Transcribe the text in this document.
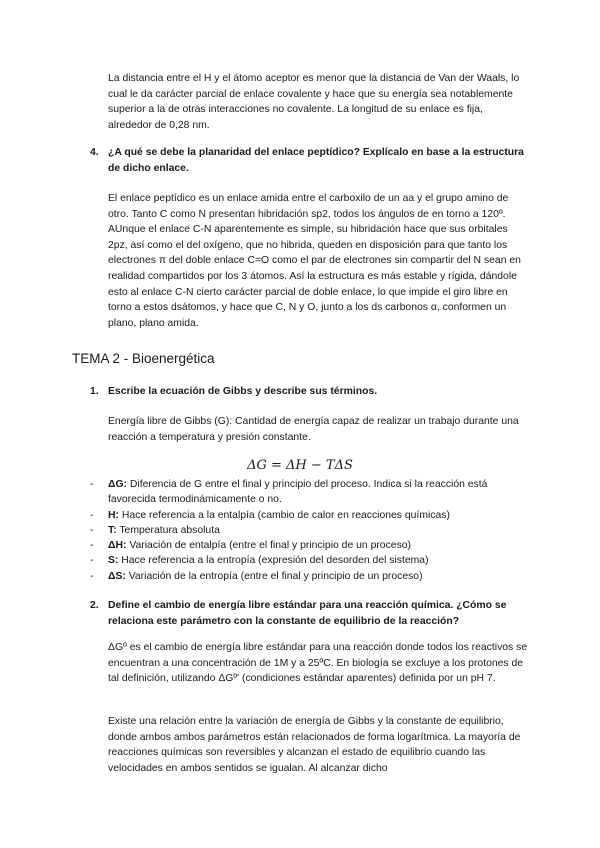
La distancia entre el H y el átomo aceptor es menor que la distancia de Van der Waals, lo cual le da carácter parcial de enlace covalente y hace que su energía sea notablemente superior a la de otras interacciones no covalente. La longitud de su enlace es fija, alrededor de 0,28 nm.

4. ¿A qué se debe la planaridad del enlace peptídico? Explícalo en base a la estructura de dicho enlace.

El enlace peptídico es un enlace amida entre el carboxilo de un aa y el grupo amino de otro. Tanto C como N presentan hibridación sp2, todos los ángulos de en torno a 120º. AUnque el enlace C-N aparentemente es simple, su hibridación hace que sus orbitales 2pz, así como el del oxígeno, que no hibrida, queden en disposición para que tanto los electrones π del doble enlace C=O como el par de electrones sin compartir del N sean en realidad compartidos por los 3 átomos. Así la estructura es más estable y rígida, dándole esto al enlace C-N cierto carácter parcial de doble enlace, lo que impide el giro libre en torno a estos dsátomos, y hace que C, N y O, junto a los ds carbonos α, conformen un plano, plano amida.

TEMA 2 - Bioenergética
1. Escribe la ecuación de Gibbs y describe sus términos.

Energía libre de Gibbs (G): Cantidad de energía capaz de realizar un trabajo durante una reacción a temperatura y presión constante.

ΔG = ΔH − TΔS
- ΔG: Diferencia de G entre el final y principio del proceso. Indica si la reacción está favorecida termodinámicamente o no.
- H: Hace referencia a la entalpía (cambio de calor en reacciones químicas)
- T: Temperatura absoluta
- ΔH: Variación de entalpía (entre el final y principio de un proceso)
- S: Hace referencia a la entropía (expresión del desorden del sistema)
- ΔS: Variación de la entropía (entre el final y principio de un proceso)
2. Define el cambio de energía libre estándar para una reacción química. ¿Cómo se relaciona este parámetro con la constante de equilibrio de la reacción?

ΔGº es el cambio de energía libre estándar para una reacción donde todos los reactivos se encuentran a una concentración de 1M y a 25ºC. En biología se excluye a los protones de tal definición, utilizando ΔGº' (condiciones estándar aparentes) definida por un pH 7.

Existe una relación entre la variación de energía de Gibbs y la constante de equilibrio, donde ambos ambos parámetros están relacionados de forma logarítmica. La mayoría de reacciones químicas son reversibles y alcanzan el estado de equilibrio cuando las velocidades en ambos sentidos se igualan. Al alcanzar dicho
